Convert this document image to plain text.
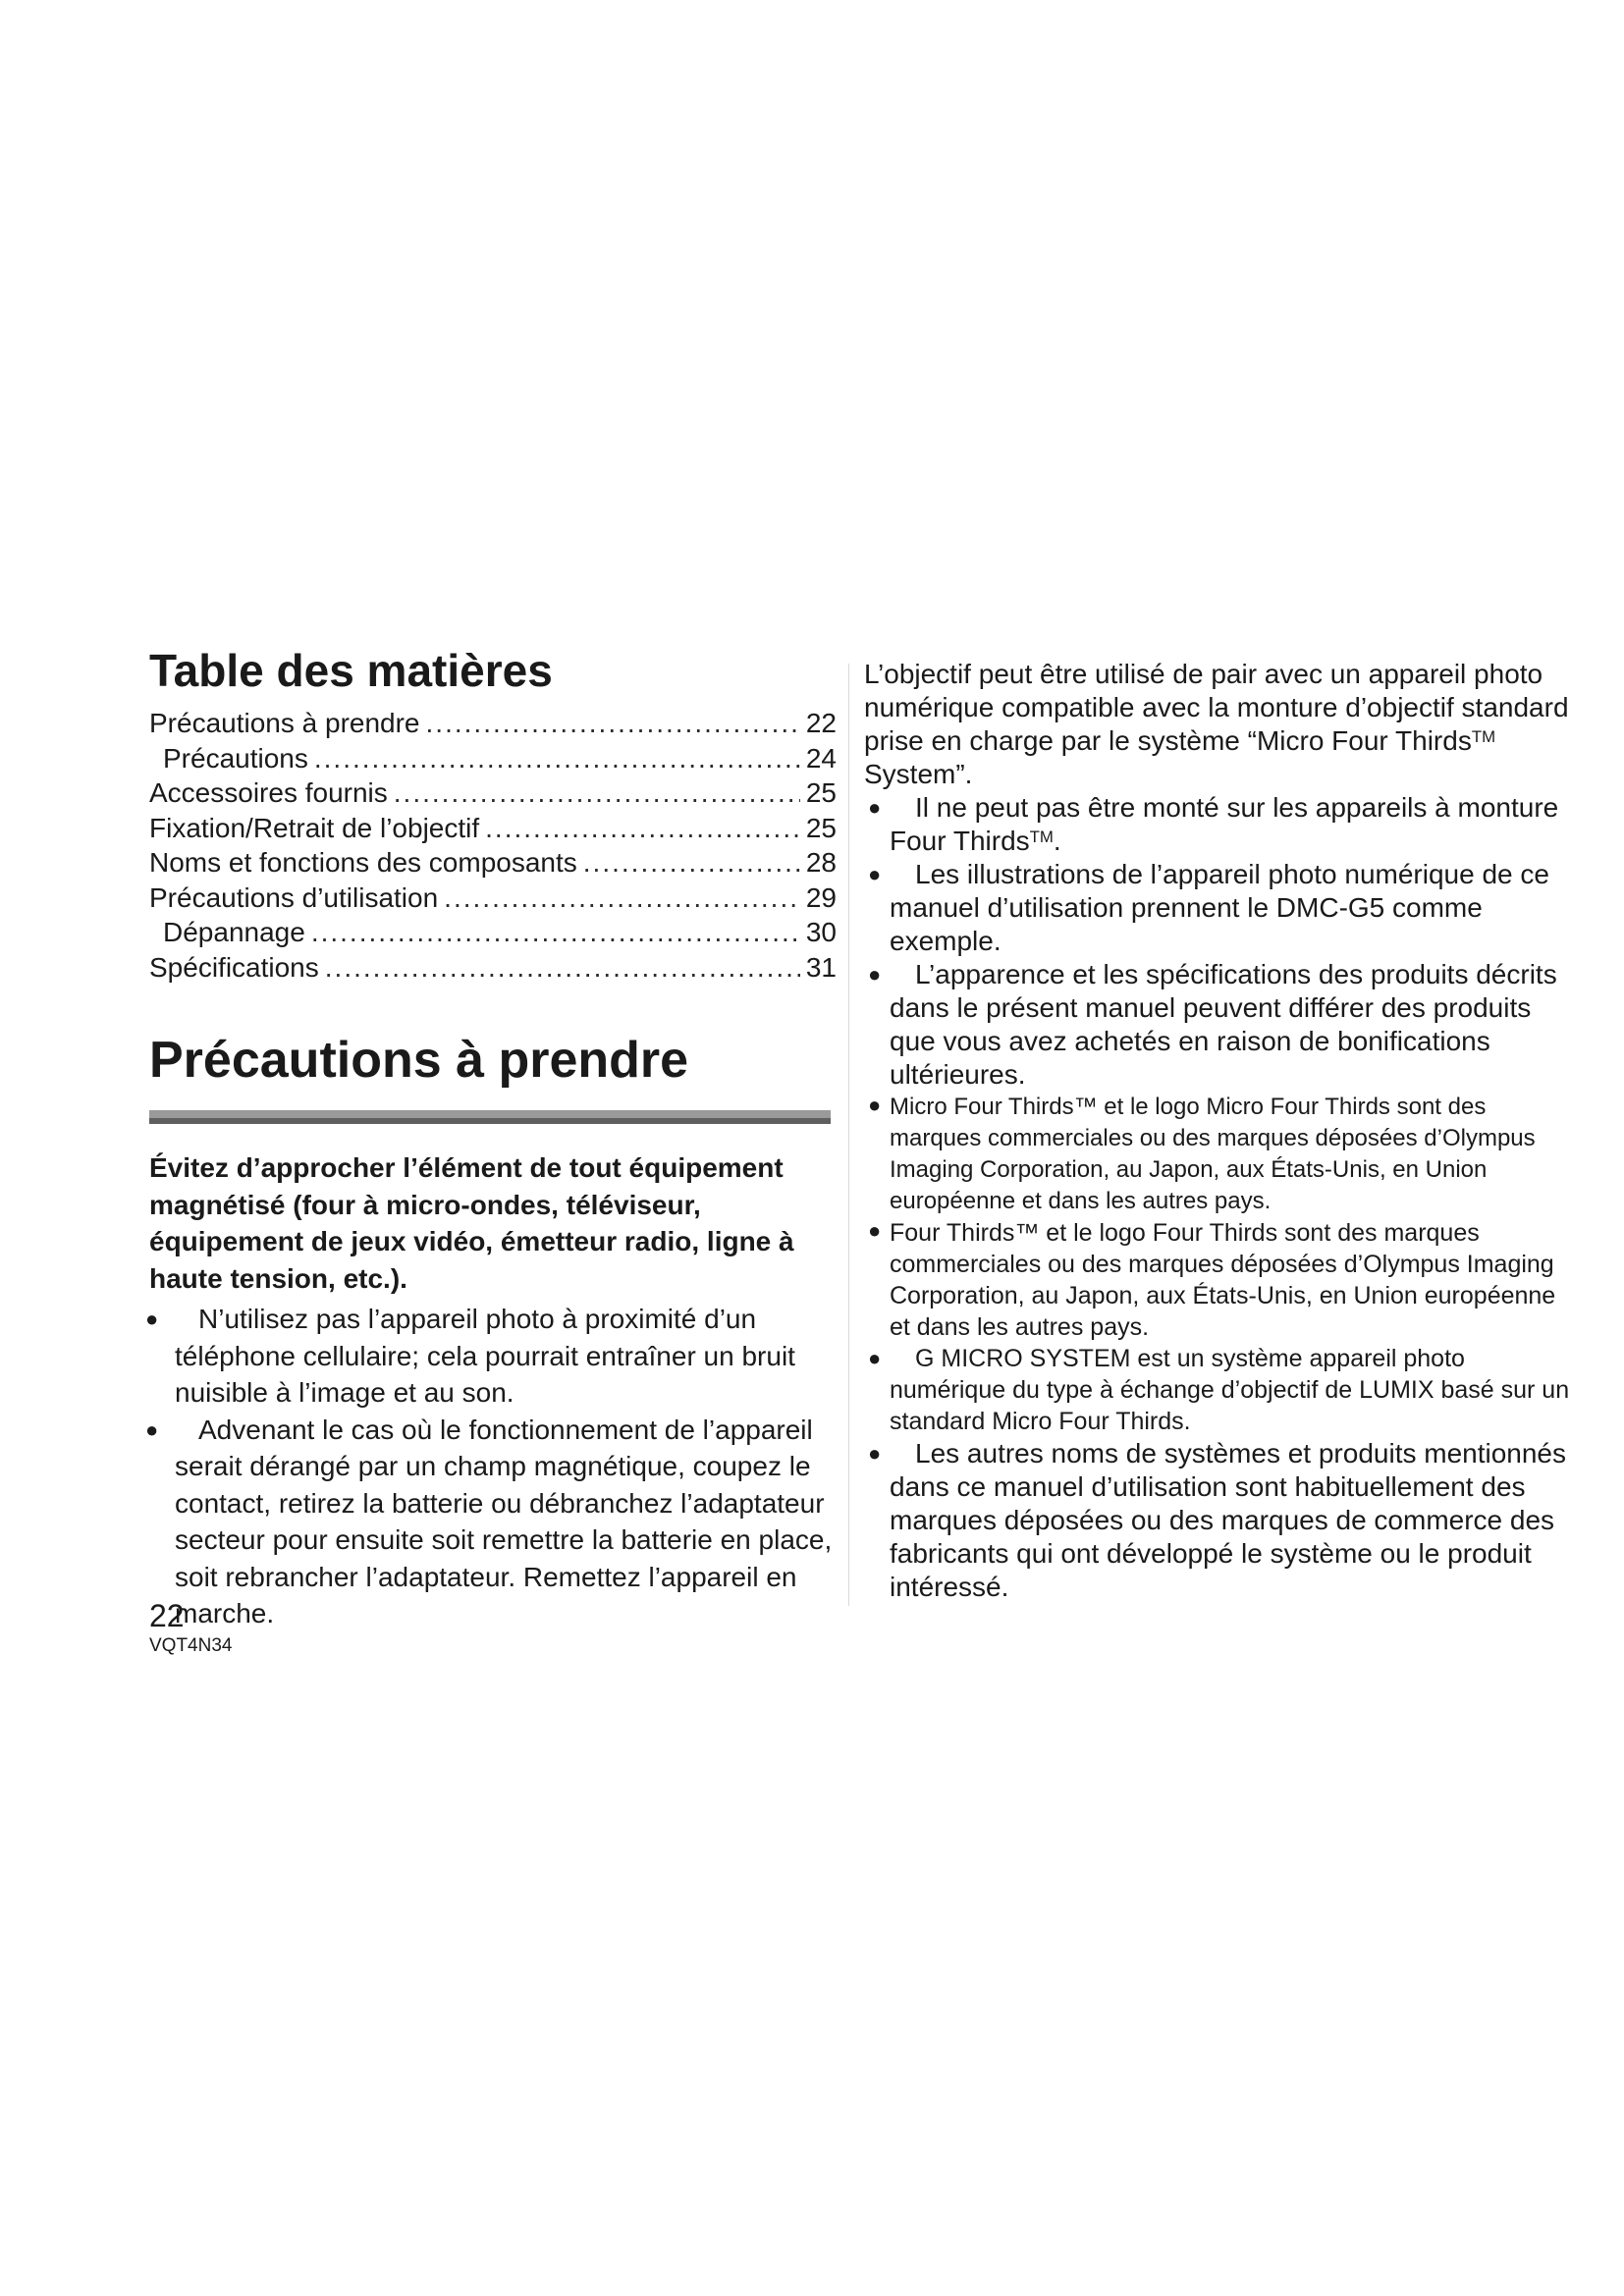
Table des matières
Précautions à prendre .....	22
Précautions .....	24
Accessoires fournis .....	25
Fixation/Retrait de l’objectif .....	25
Noms et fonctions des composants .....	28
Précautions d’utilisation .....	29
Dépannage .....	30
Spécifications .....	31
Précautions à prendre

Évitez d’approcher l’élément de tout équipement magnétisé (four à micro-ondes, téléviseur, équipement de jeux vidéo, émetteur radio, ligne à haute tension, etc.).

●	N’utilisez pas l’appareil photo à proximité d’un téléphone cellulaire; cela pourrait entraîner un bruit nuisible à l’image et au son.
●	Advenant le cas où le fonctionnement de l’appareil serait dérangé par un champ magnétique, coupez le contact, retirez la batterie ou débranchez l’adaptateur secteur pour ensuite soit remettre la batterie en place, soit rebrancher l’adaptateur. Remettez l’appareil en marche.
22
VQT4N34

L’objectif peut être utilisé de pair avec un appareil photo numérique compatible avec la monture d’objectif standard prise en charge par le système “Micro Four Thirds™ System”.

●	Il ne peut pas être monté sur les appareils à monture Four Thirds™.
●	Les illustrations de l’appareil photo numérique de ce manuel d’utilisation prennent le DMC-G5 comme exemple.
●	L’apparence et les spécifications des produits décrits dans le présent manuel peuvent différer des produits que vous avez achetés en raison de bonifications ultérieures.
● Micro Four Thirds™ et le logo Micro Four Thirds sont des marques commerciales ou des marques déposées d’Olympus Imaging Corporation, au Japon, aux États-Unis, en Union européenne et dans les autres pays.
● Four Thirds™ et le logo Four Thirds sont des marques commerciales ou des marques déposées d’Olympus Imaging Corporation, au Japon, aux États-Unis, en Union européenne et dans les autres pays.
●	G MICRO SYSTEM est un système appareil photo numérique du type à échange d’objectif de LUMIX basé sur un standard Micro Four Thirds.
●	Les autres noms de systèmes et produits mentionnés dans ce manuel d’utilisation sont habituellement des marques déposées ou des marques de commerce des fabricants qui ont développé le système ou le produit intéressé.
